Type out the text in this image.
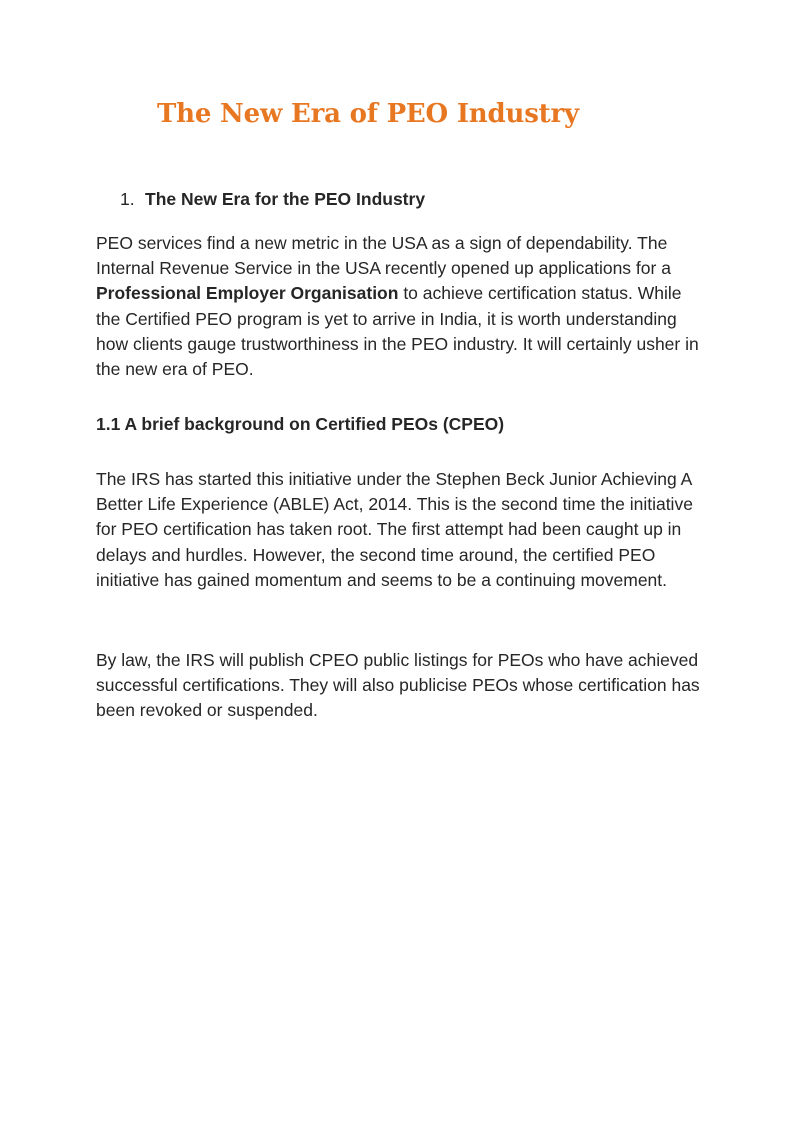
The New Era of PEO Industry
1. The New Era for the PEO Industry

PEO services find a new metric in the USA as a sign of dependability. The Internal Revenue Service in the USA recently opened up applications for a Professional Employer Organisation to achieve certification status. While the Certified PEO program is yet to arrive in India, it is worth understanding how clients gauge trustworthiness in the PEO industry. It will certainly usher in the new era of PEO.

1.1 A brief background on Certified PEOs (CPEO)

The IRS has started this initiative under the Stephen Beck Junior Achieving A Better Life Experience (ABLE) Act, 2014. This is the second time the initiative for PEO certification has taken root. The first attempt had been caught up in delays and hurdles. However, the second time around, the certified PEO initiative has gained momentum and seems to be a continuing movement.

By law, the IRS will publish CPEO public listings for PEOs who have achieved successful certifications. They will also publicise PEOs whose certification has been revoked or suspended.
